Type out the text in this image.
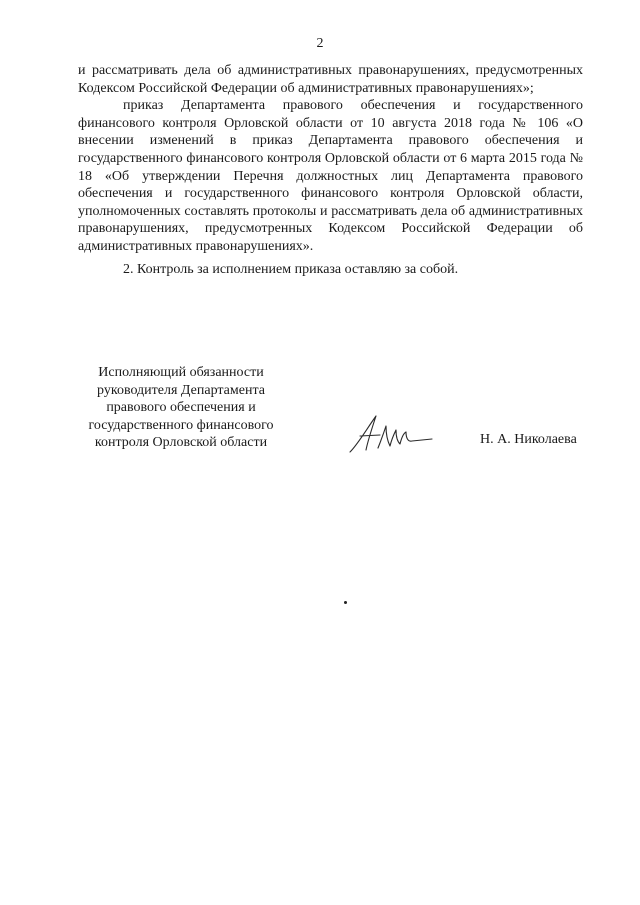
2

и рассматривать дела об административных правонарушениях, предусмотренных Кодексом Российской Федерации об административных правонарушениях»;

приказ Департамента правового обеспечения и государственного финансового контроля Орловской области от 10 августа 2018 года № 106 «О внесении изменений в приказ Департамента правового обеспечения и государственного финансового контроля Орловской области от 6 марта 2015 года № 18 «Об утверждении Перечня должностных лиц Департамента правового обеспечения и государственного финансового контроля Орловской области, уполномоченных составлять протоколы и рассматривать дела об административных правонарушениях, предусмотренных Кодексом Российской Федерации об административных правонарушениях».

2. Контроль за исполнением приказа оставляю за собой.

Исполняющий обязанности
руководителя Департамента
правового обеспечения и
государственного финансового
контроля Орловской области	Н. А. Николаева
